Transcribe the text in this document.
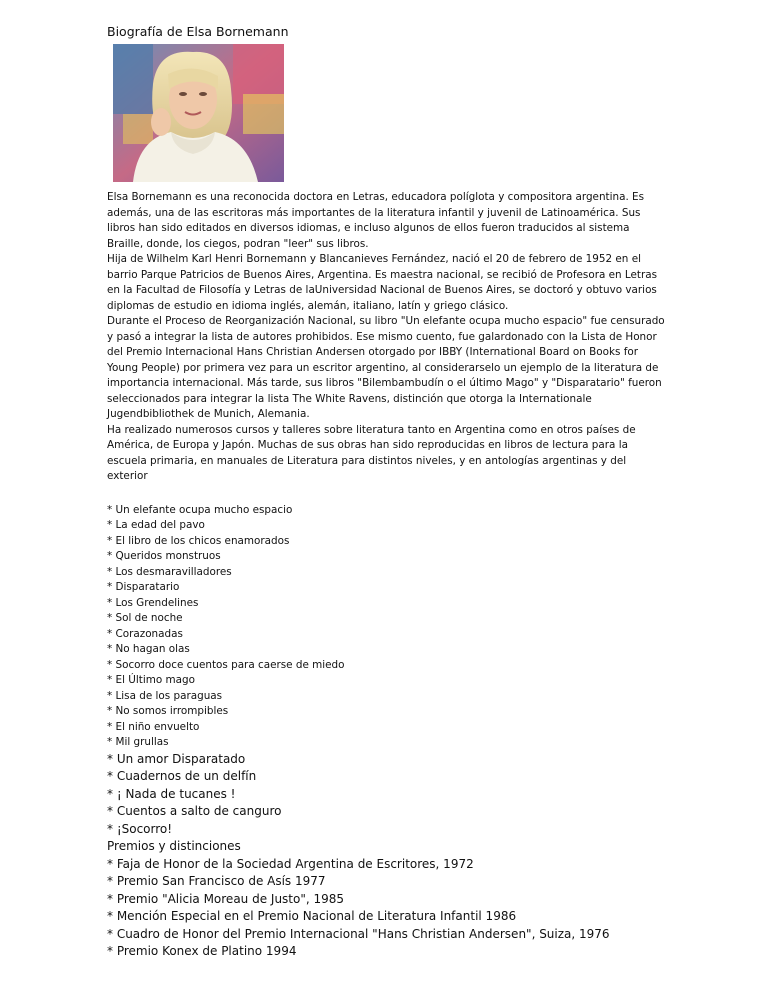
Biografía de Elsa Bornemann

Elsa Bornemann es una reconocida doctora en Letras, educadora políglota y compositora argentina. Es además, una de las escritoras más importantes de la literatura infantil y juvenil de Latinoamérica. Sus libros han sido editados en diversos idiomas, e incluso algunos de ellos fueron traducidos al sistema Braille, donde, los ciegos, podran "leer" sus libros.

Hija de Wilhelm Karl Henri Bornemann y Blancanieves Fernández, nació el 20 de febrero de 1952 en el barrio Parque Patricios de Buenos Aires, Argentina. Es maestra nacional, se recibió de Profesora en Letras en la Facultad de Filosofía y Letras de laUniversidad Nacional de Buenos Aires, se doctoró y obtuvo varios diplomas de estudio en idioma inglés, alemán, italiano, latín y griego clásico.

Durante el Proceso de Reorganización Nacional, su libro "Un elefante ocupa mucho espacio" fue censurado y pasó a integrar la lista de autores prohibidos. Ese mismo cuento, fue galardonado con la Lista de Honor del Premio Internacional Hans Christian Andersen otorgado por IBBY (International Board on Books for Young People) por primera vez para un escritor argentino, al considerarselo un ejemplo de la literatura de importancia internacional. Más tarde, sus libros "Bilembambudín o el último Mago" y "Disparatario" fueron seleccionados para integrar la lista The White Ravens, distinción que otorga la Internationale Jugendbibliothek de Munich, Alemania.

Ha realizado numerosos cursos y talleres sobre literatura tanto en Argentina como en otros países de América, de Europa y Japón. Muchas de sus obras han sido reproducidas en libros de lectura para la escuela primaria, en manuales de Literatura para distintos niveles, y en antologías argentinas y del exterior

* Un elefante ocupa mucho espacio
* La edad del pavo
* El libro de los chicos enamorados
* Queridos monstruos
* Los desmaravilladores
* Disparatario
* Los Grendelines
* Sol de noche
* Corazonadas
* No hagan olas
* Socorro doce cuentos para caerse de miedo
* El Último mago
* Lisa de los paraguas
* No somos irrompibles
* El niño envuelto
* Mil grullas
* Un amor Disparatado
* Cuadernos de un delfín
* ¡ Nada de tucanes !
* Cuentos a salto de canguro
* ¡Socorro!

Premios y distinciones

* Faja de Honor de la Sociedad Argentina de Escritores, 1972
* Premio San Francisco de Asís 1977
* Premio "Alicia Moreau de Justo", 1985
* Mención Especial en el Premio Nacional de Literatura Infantil 1986
* Cuadro de Honor del Premio Internacional "Hans Christian Andersen", Suiza, 1976
* Premio Konex de Platino 1994
